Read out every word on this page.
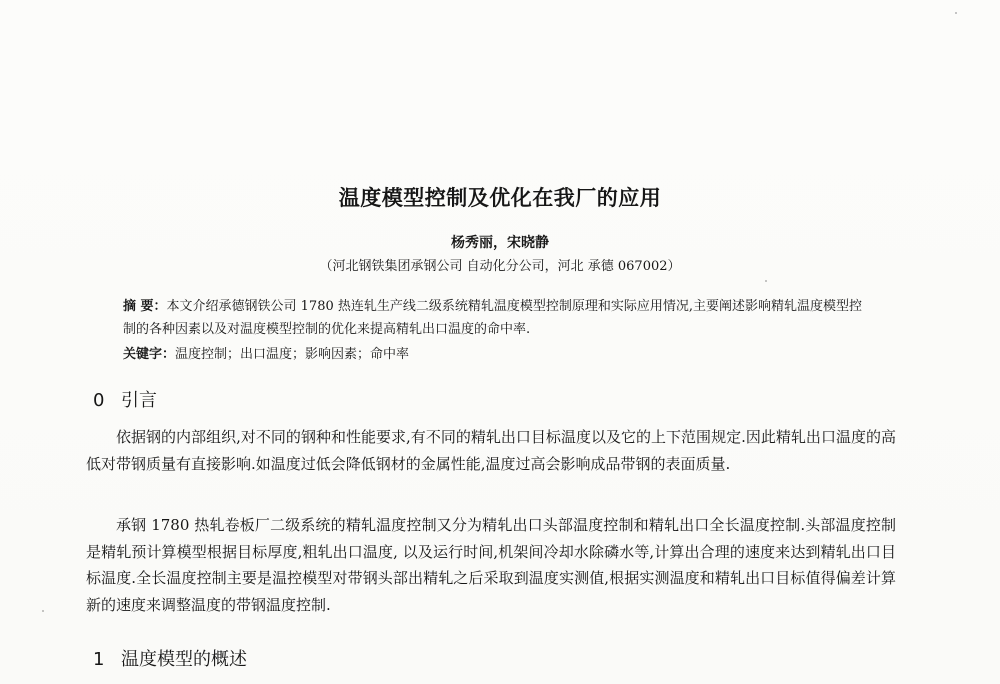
温度模型控制及优化在我厂的应用
杨秀丽，宋晓静
（河北钢铁集团承钢公司 自动化分公司，河北 承德 067002）
摘 要：本文介绍承德钢铁公司 1780 热连轧生产线二级系统精轧温度模型控制原理和实际应用情况,主要阐述影响精轧温度模型控制的各种因素以及对温度模型控制的优化来提高精轧出口温度的命中率.
关键字：温度控制；出口温度；影响因素；命中率
0 引言
依据钢的内部组织,对不同的钢种和性能要求,有不同的精轧出口目标温度以及它的上下范围规定.因此精轧出口温度的高低对带钢质量有直接影响.如温度过低会降低钢材的金属性能,温度过高会影响成品带钢的表面质量.
承钢 1780 热轧卷板厂二级系统的精轧温度控制又分为精轧出口头部温度控制和精轧出口全长温度控制.头部温度控制是精轧预计算模型根据目标厚度,粗轧出口温度, 以及运行时间,机架间冷却水除磷水等,计算出合理的速度来达到精轧出口目标温度.全长温度控制主要是温控模型对带钢头部出精轧之后采取到温度实测值,根据实测温度和精轧出口目标值得偏差计算新的速度来调整温度的带钢温度控制.
1 温度模型的概述
